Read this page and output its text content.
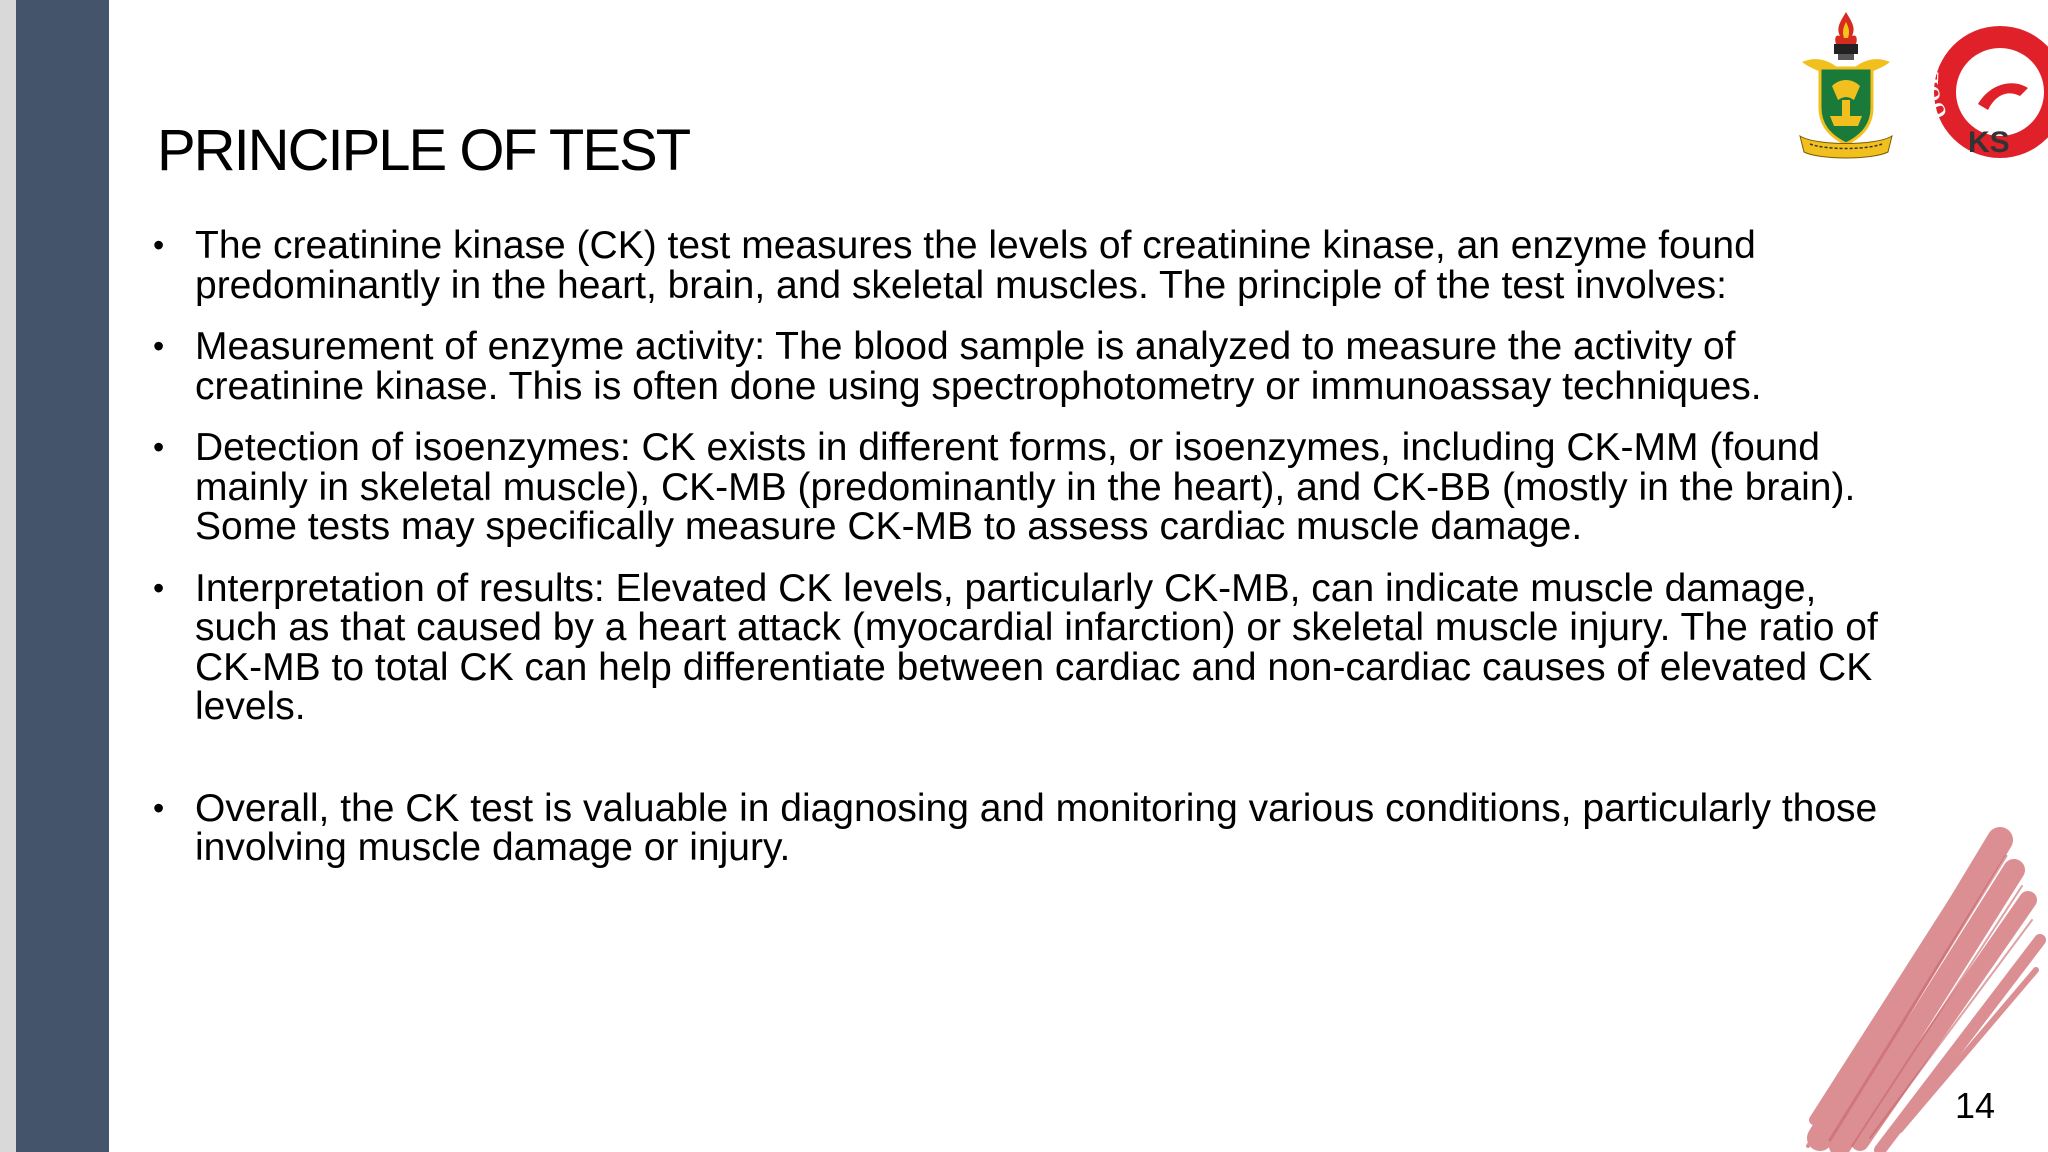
PRINCIPLE OF TEST
• The creatinine kinase (CK) test measures the levels of creatinine kinase, an enzyme found predominantly in the heart, brain, and skeletal muscles. The principle of the test involves:
• Measurement of enzyme activity: The blood sample is analyzed to measure the activity of creatinine kinase. This is often done using spectrophotometry or immunoassay techniques.
• Detection of isoenzymes: CK exists in different forms, or isoenzymes, including CK-MM (found mainly in skeletal muscle), CK-MB (predominantly in the heart), and CK-BB (mostly in the brain). Some tests may specifically measure CK-MB to assess cardiac muscle damage.
• Interpretation of results: Elevated CK levels, particularly CK-MB, can indicate muscle damage, such as that caused by a heart attack (myocardial infarction) or skeletal muscle injury. The ratio of CK-MB to total CK can help differentiate between cardiac and non-cardiac causes of elevated CK levels.
• Overall, the CK test is valuable in diagnosing and monitoring various conditions, particularly those involving muscle damage or injury.
OOL OF M
KS
14
